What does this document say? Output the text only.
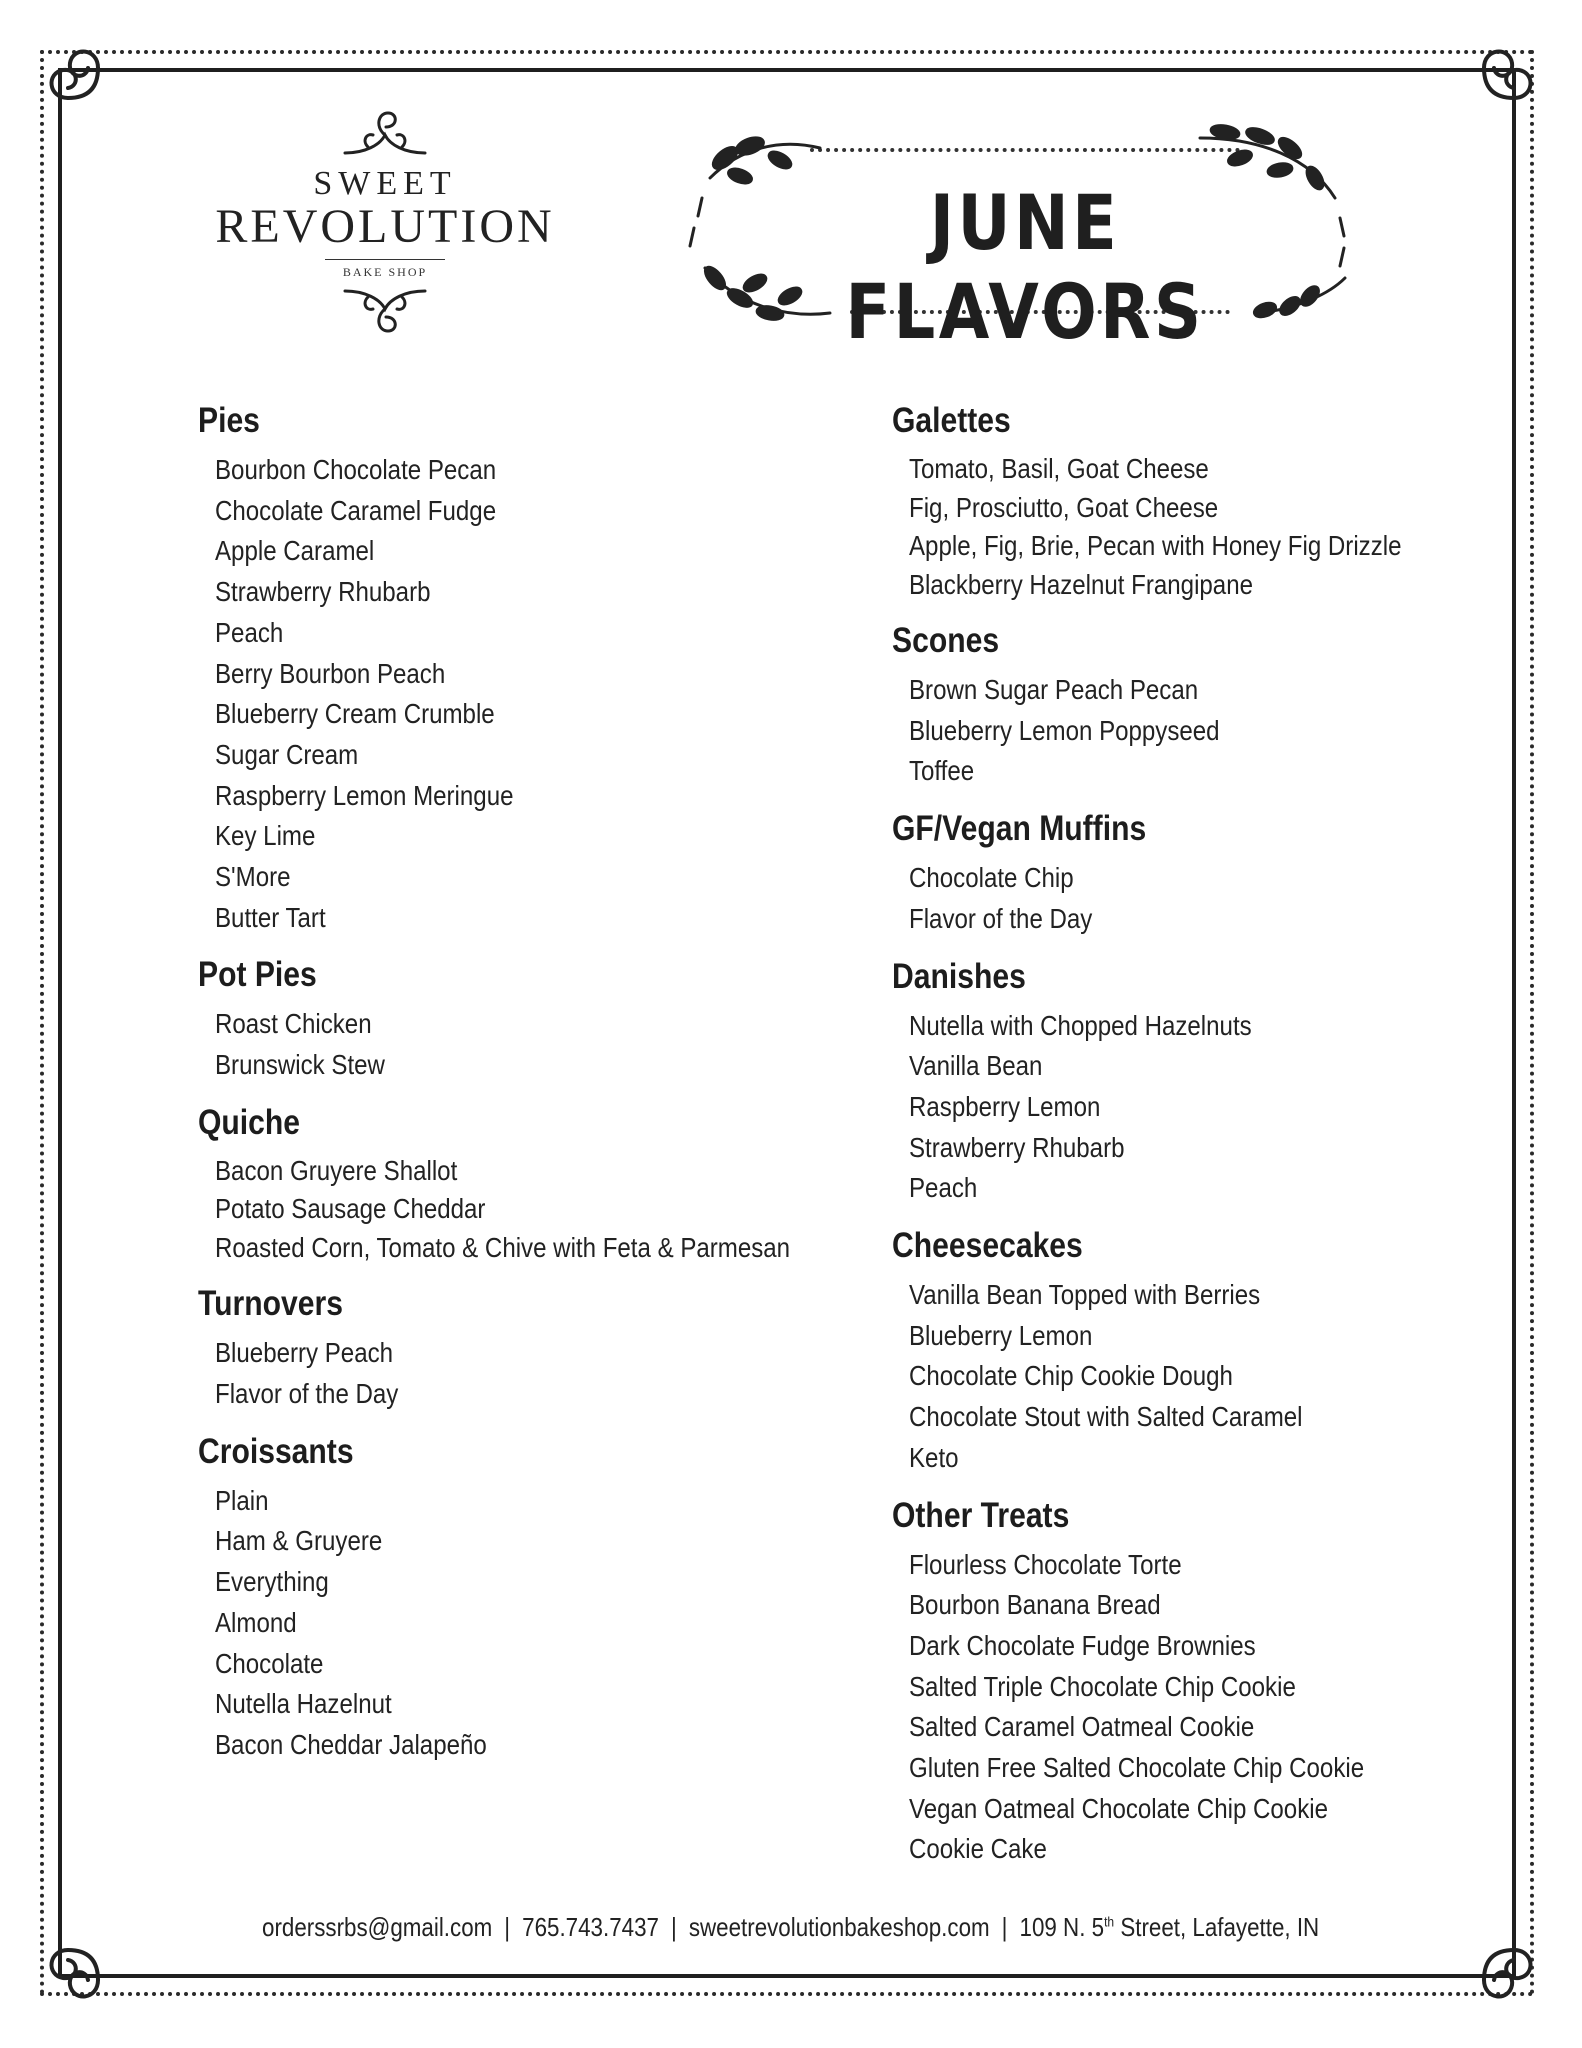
SWEET
REVOLUTION
BAKE SHOP
JUNE FLAVORS
Pies
Bourbon Chocolate Pecan
Chocolate Caramel Fudge
Apple Caramel
Strawberry Rhubarb
Peach
Berry Bourbon Peach
Blueberry Cream Crumble
Sugar Cream
Raspberry Lemon Meringue
Key Lime
S'More
Butter Tart
Pot Pies
Roast Chicken
Brunswick Stew
Quiche
Bacon Gruyere Shallot
Potato Sausage Cheddar
Roasted Corn, Tomato & Chive with Feta & Parmesan
Turnovers
Blueberry Peach
Flavor of the Day
Croissants
Plain
Ham & Gruyere
Everything
Almond
Chocolate
Nutella Hazelnut
Bacon Cheddar Jalapeño
Galettes
Tomato, Basil, Goat Cheese
Fig, Prosciutto, Goat Cheese
Apple, Fig, Brie, Pecan with Honey Fig Drizzle
Blackberry Hazelnut Frangipane
Scones
Brown Sugar Peach Pecan
Blueberry Lemon Poppyseed
Toffee
GF/Vegan Muffins
Chocolate Chip
Flavor of the Day
Danishes
Nutella with Chopped Hazelnuts
Vanilla Bean
Raspberry Lemon
Strawberry Rhubarb
Peach
Cheesecakes
Vanilla Bean Topped with Berries
Blueberry Lemon
Chocolate Chip Cookie Dough
Chocolate Stout with Salted Caramel
Keto
Other Treats
Flourless Chocolate Torte
Bourbon Banana Bread
Dark Chocolate Fudge Brownies
Salted Triple Chocolate Chip Cookie
Salted Caramel Oatmeal Cookie
Gluten Free Salted Chocolate Chip Cookie
Vegan Oatmeal Chocolate Chip Cookie
Cookie Cake
orderssrbs@gmail.com | 765.743.7437 | sweetrevolutionbakeshop.com | 109 N. 5th Street, Lafayette, IN
